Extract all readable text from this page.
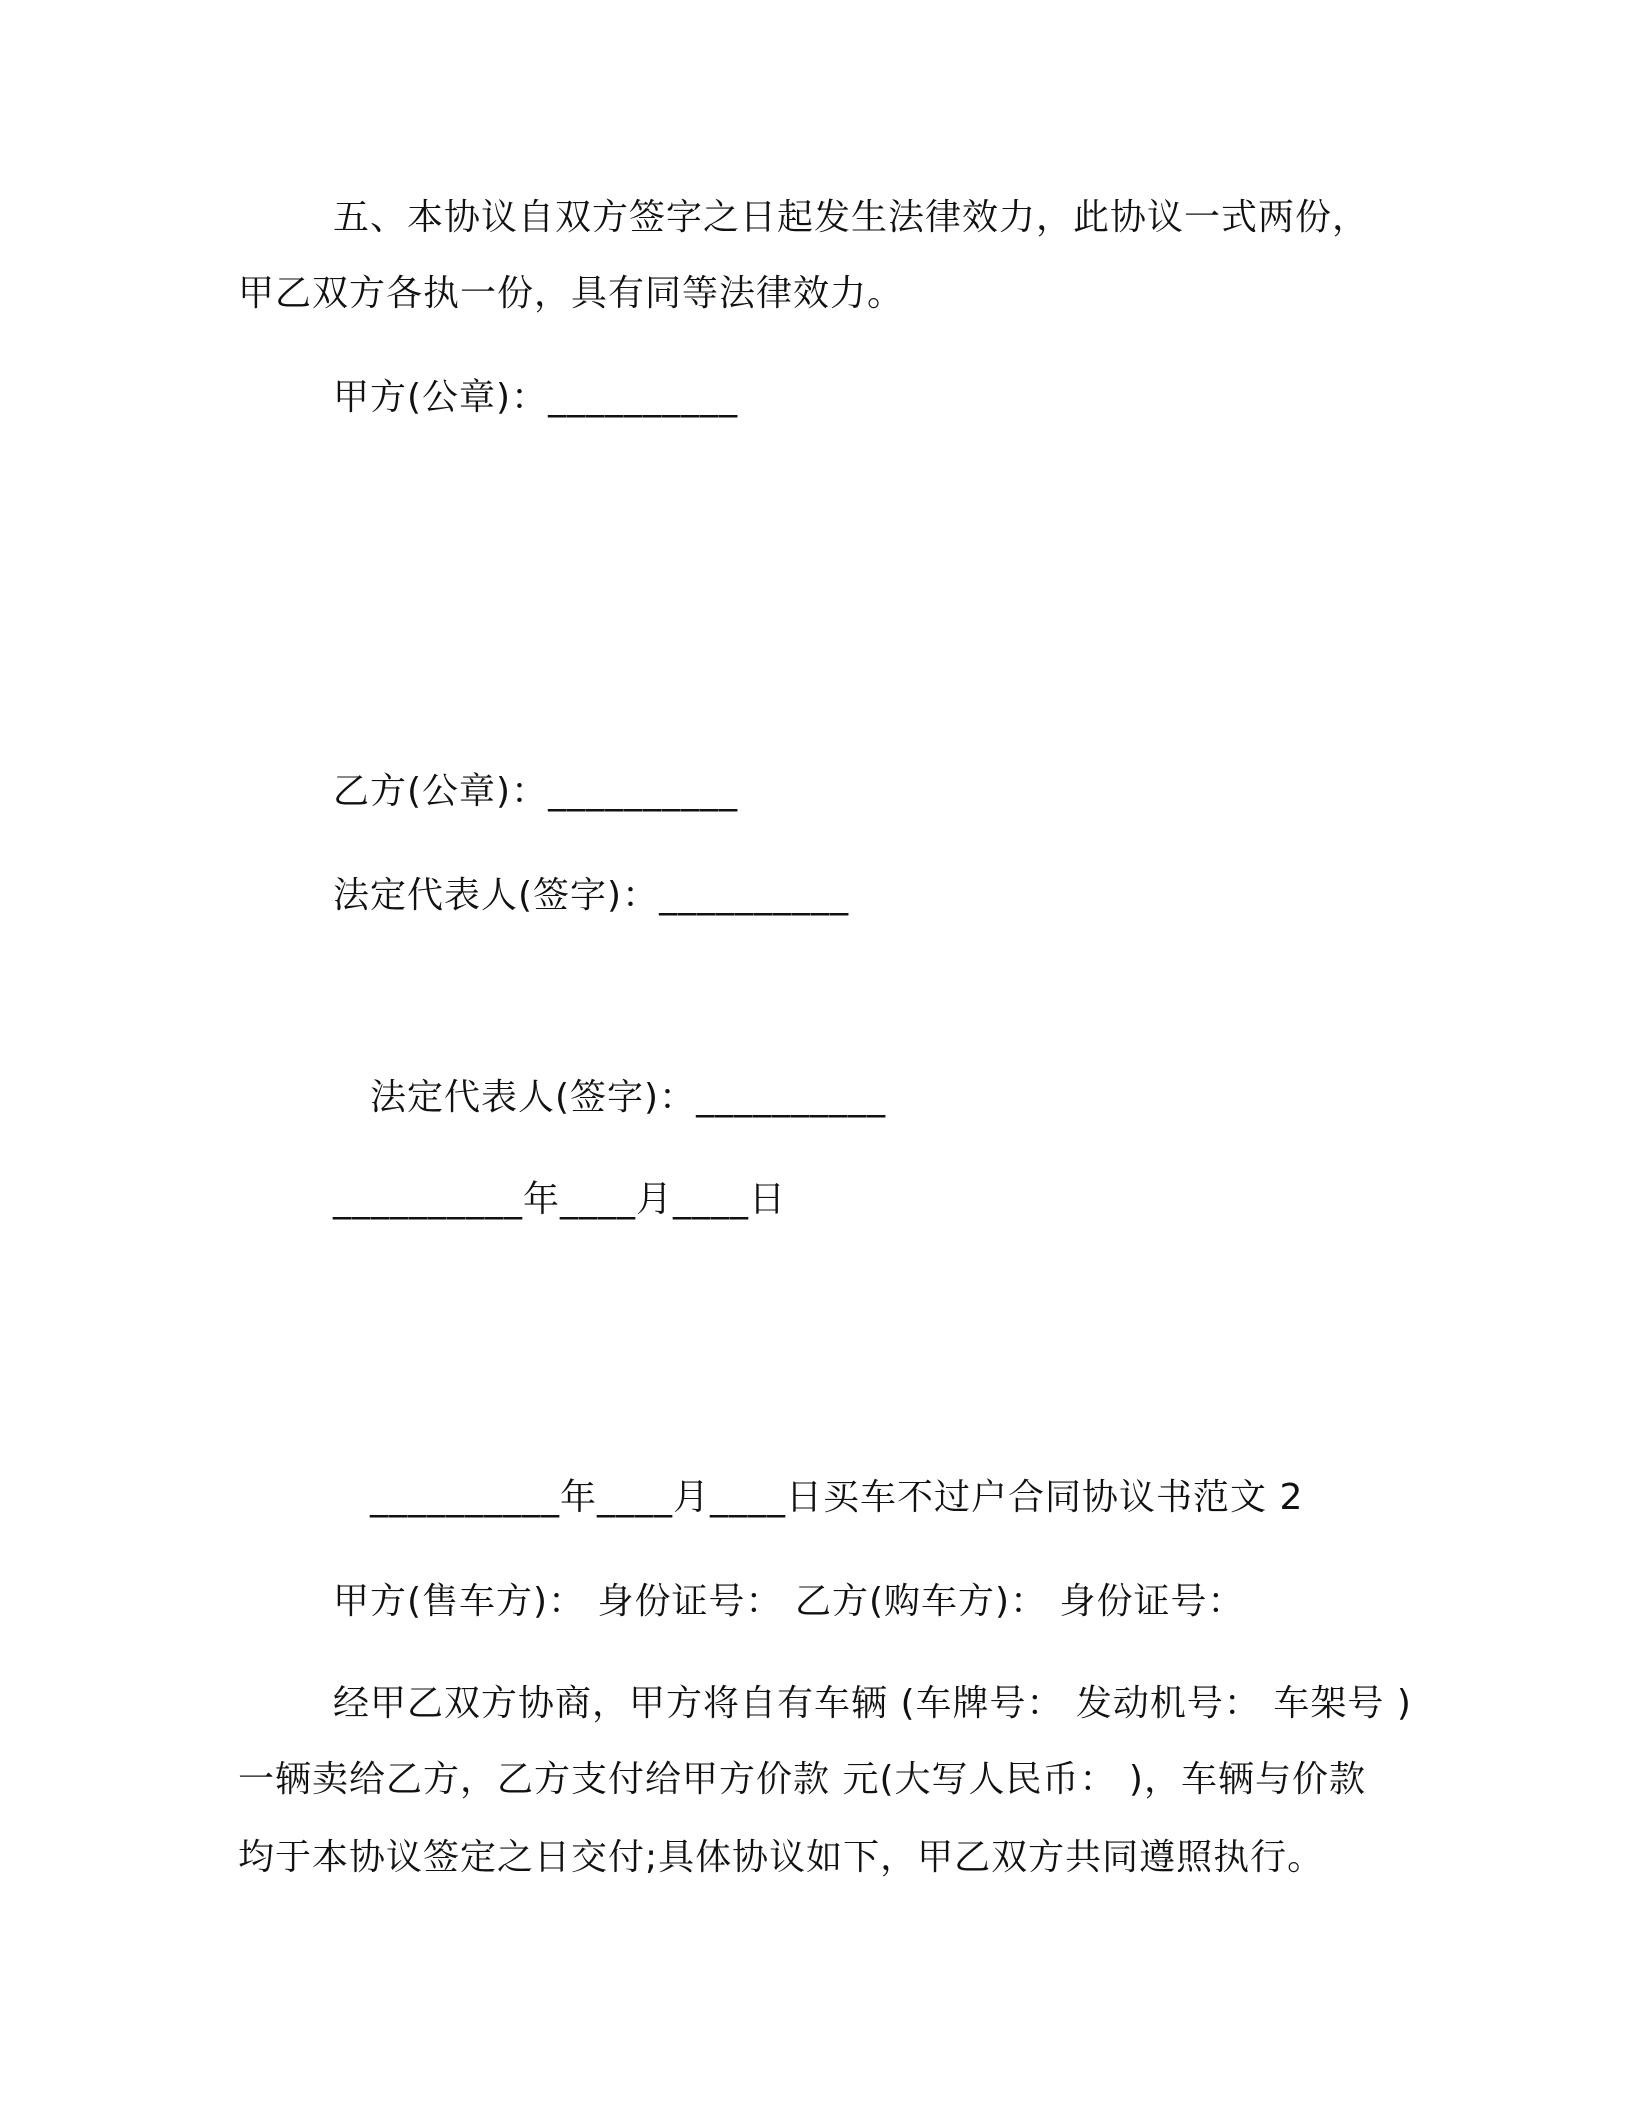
五、本协议自双方签字之日起发生法律效力，此协议一式两份，
甲乙双方各执一份，具有同等法律效力。
甲方(公章)：__________
乙方(公章)：__________
法定代表人(签字)：__________
法定代表人(签字)：__________
__________年____月____日
__________年____月____日买车不过户合同协议书范文 2
甲方(售车方)： 身份证号： 乙方(购车方)： 身份证号：
经甲乙双方协商，甲方将自有车辆 (车牌号： 发动机号： 车架号 )
一辆卖给乙方，乙方支付给甲方价款 元(大写人民币： )，车辆与价款
均于本协议签定之日交付;具体协议如下，甲乙双方共同遵照执行。
